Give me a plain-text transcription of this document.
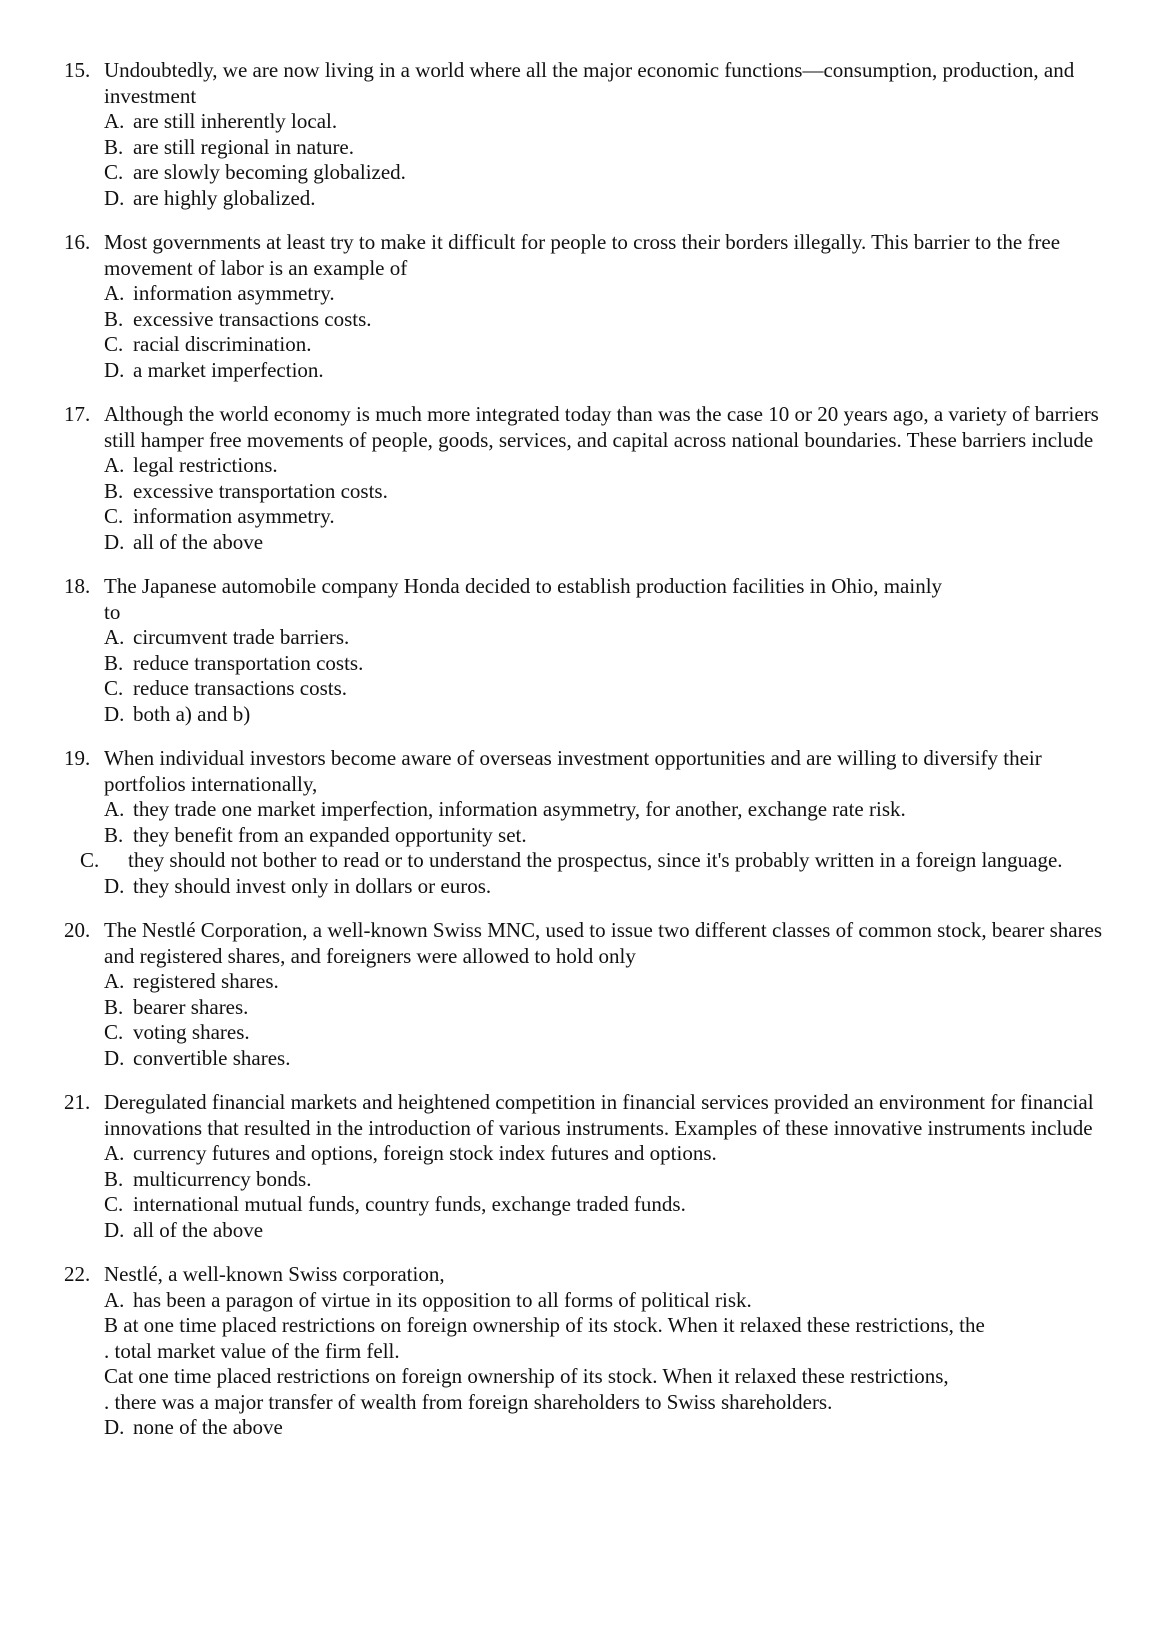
15. Undoubtedly, we are now living in a world where all the major economic functions—consumption, production, and investment
A. are still inherently local.
B. are still regional in nature.
C. are slowly becoming globalized.
D. are highly globalized.
16. Most governments at least try to make it difficult for people to cross their borders illegally. This barrier to the free movement of labor is an example of
A. information asymmetry.
B. excessive transactions costs.
C. racial discrimination.
D. a market imperfection.
17. Although the world economy is much more integrated today than was the case 10 or 20 years ago, a variety of barriers still hamper free movements of people, goods, services, and capital across national boundaries. These barriers include
A. legal restrictions.
B. excessive transportation costs.
C. information asymmetry.
D. all of the above
18. The Japanese automobile company Honda decided to establish production facilities in Ohio, mainly
to
A. circumvent trade barriers.
B. reduce transportation costs.
C. reduce transactions costs.
D. both a) and b)
19. When individual investors become aware of overseas investment opportunities and are willing to diversify their portfolios internationally,
A. they trade one market imperfection, information asymmetry, for another, exchange rate risk.
B. they benefit from an expanded opportunity set.
C. they should not bother to read or to understand the prospectus, since it's probably written in a foreign language.
D. they should invest only in dollars or euros.
20. The Nestlé Corporation, a well-known Swiss MNC, used to issue two different classes of common stock, bearer shares and registered shares, and foreigners were allowed to hold only
A. registered shares.
B. bearer shares.
C. voting shares.
D. convertible shares.
21. Deregulated financial markets and heightened competition in financial services provided an environment for financial innovations that resulted in the introduction of various instruments. Examples of these innovative instruments include
A. currency futures and options, foreign stock index futures and options.
B. multicurrency bonds.
C. international mutual funds, country funds, exchange traded funds.
D. all of the above
22. Nestlé, a well-known Swiss corporation,
A. has been a paragon of virtue in its opposition to all forms of political risk.
B at one time placed restrictions on foreign ownership of its stock. When it relaxed these restrictions, the
. total market value of the firm fell.
Cat one time placed restrictions on foreign ownership of its stock. When it relaxed these restrictions,
. there was a major transfer of wealth from foreign shareholders to Swiss shareholders.
D. none of the above
